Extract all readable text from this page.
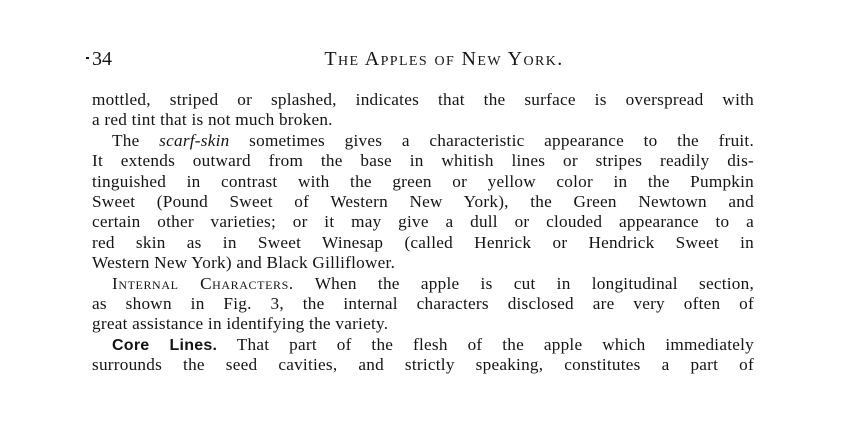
34	The Apples of New York.
mottled, striped or splashed, indicates that the surface is overspread with
a red tint that is not much broken.
The scarf-skin sometimes gives a characteristic appearance to the fruit.
It extends outward from the base in whitish lines or stripes readily dis-
tinguished in contrast with the green or yellow color in the Pumpkin
Sweet (Pound Sweet of Western New York), the Green Newtown and
certain other varieties; or it may give a dull or clouded appearance to a
red skin as in Sweet Winesap (called Henrick or Hendrick Sweet in
Western New York) and Black Gilliflower.
Internal Characters. When the apple is cut in longitudinal section,
as shown in Fig. 3, the internal characters disclosed are very often of
great assistance in identifying the variety.
Core Lines. That part of the flesh of the apple which immediately
surrounds the seed cavities, and strictly speaking, constitutes a part of
